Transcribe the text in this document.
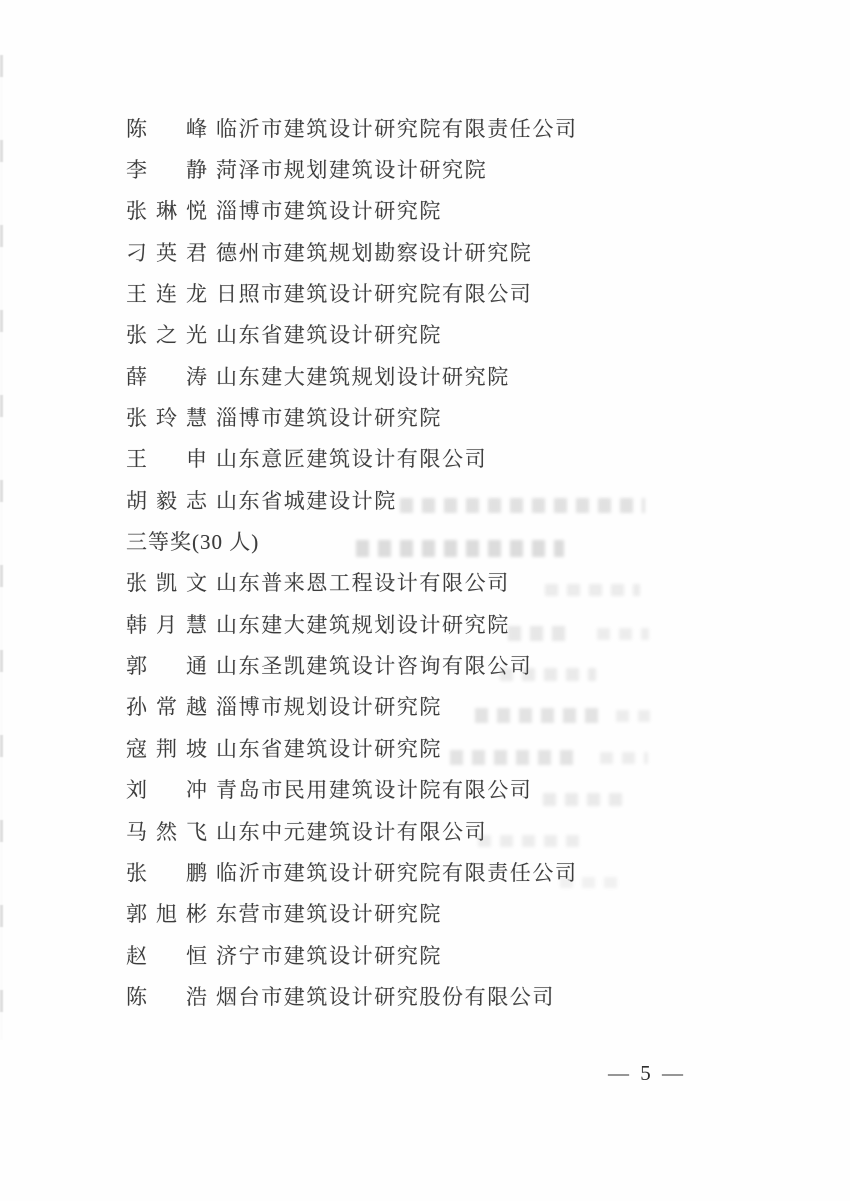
陈 峰 临沂市建筑设计研究院有限责任公司
李 静 菏泽市规划建筑设计研究院
张 琳 悦 淄博市建筑设计研究院
刁 英 君 德州市建筑规划勘察设计研究院
王 连 龙 日照市建筑设计研究院有限公司
张 之 光 山东省建筑设计研究院
薛 涛 山东建大建筑规划设计研究院
张 玲 慧 淄博市建筑设计研究院
王 申 山东意匠建筑设计有限公司
胡 毅 志 山东省城建设计院
三等奖(30 人)
张 凯 文 山东普来恩工程设计有限公司
韩 月 慧 山东建大建筑规划设计研究院
郭 通 山东圣凯建筑设计咨询有限公司
孙 常 越 淄博市规划设计研究院
寇 荆 坡 山东省建筑设计研究院
刘 冲 青岛市民用建筑设计院有限公司
马 然 飞 山东中元建筑设计有限公司
张 鹏 临沂市建筑设计研究院有限责任公司
郭 旭 彬 东营市建筑设计研究院
赵 恒 济宁市建筑设计研究院
陈 浩 烟台市建筑设计研究股份有限公司
— 5 —
